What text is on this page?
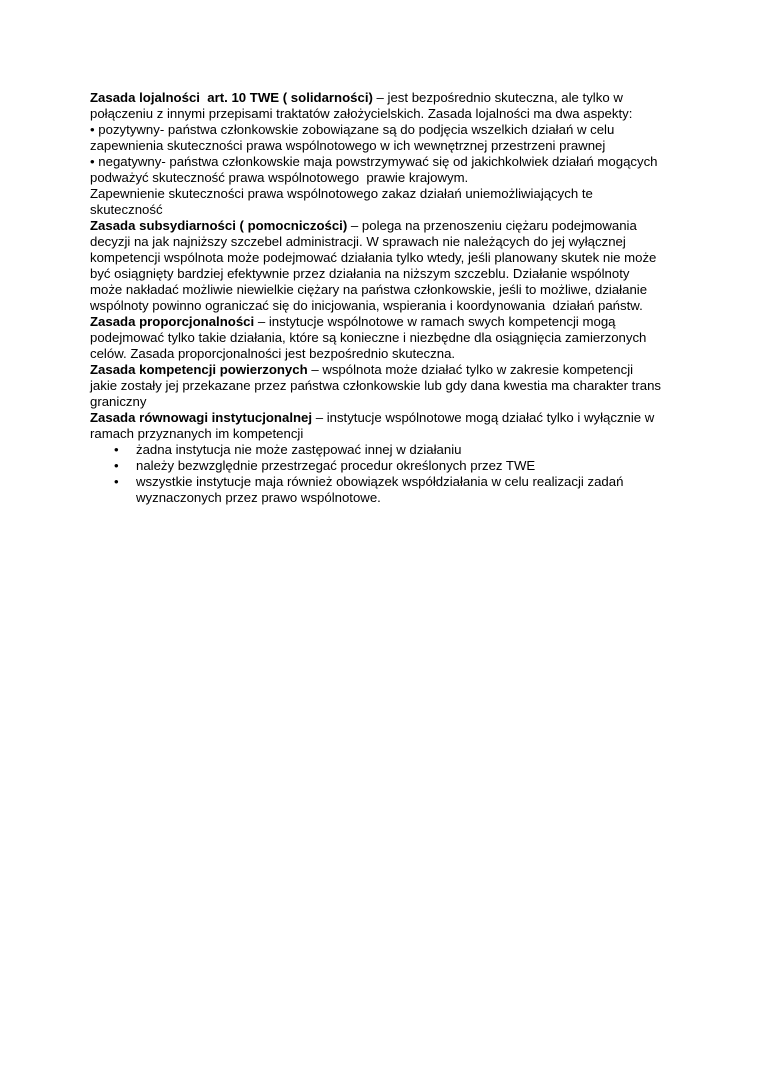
Zasada lojalności  art. 10 TWE ( solidarności) – jest bezpośrednio skuteczna, ale tylko w
połączeniu z innymi przepisami traktatów założycielskich. Zasada lojalności ma dwa aspekty:
• pozytywny- państwa członkowskie zobowiązane są do podjęcia wszelkich działań w celu
zapewnienia skuteczności prawa wspólnotowego w ich wewnętrznej przestrzeni prawnej
• negatywny- państwa członkowskie maja powstrzymywać się od jakichkolwiek działań mogących
podważyć skuteczność prawa wspólnotowego  prawie krajowym.
Zapewnienie skuteczności prawa wspólnotowego zakaz działań uniemożliwiających te
skuteczność
Zasada subsydiarności ( pomocniczości) – polega na przenoszeniu ciężaru podejmowania
decyzji na jak najniższy szczebel administracji. W sprawach nie należących do jej wyłącznej
kompetencji wspólnota może podejmować działania tylko wtedy, jeśli planowany skutek nie może
być osiągnięty bardziej efektywnie przez działania na niższym szczeblu. Działanie wspólnoty
może nakładać możliwie niewielkie ciężary na państwa członkowskie, jeśli to możliwe, działanie
wspólnoty powinno ograniczać się do inicjowania, wspierania i koordynowania  działań państw.
Zasada proporcjonalności – instytucje wspólnotowe w ramach swych kompetencji mogą
podejmować tylko takie działania, które są konieczne i niezbędne dla osiągnięcia zamierzonych
celów. Zasada proporcjonalności jest bezpośrednio skuteczna.
Zasada kompetencji powierzonych – wspólnota może działać tylko w zakresie kompetencji
jakie zostały jej przekazane przez państwa członkowskie lub gdy dana kwestia ma charakter trans
graniczny
Zasada równowagi instytucjonalnej – instytucje wspólnotowe mogą działać tylko i wyłącznie w
ramach przyznanych im kompetencji
• żadna instytucja nie może zastępować innej w działaniu
• należy bezwzględnie przestrzegać procedur określonych przez TWE
• wszystkie instytucje maja również obowiązek współdziałania w celu realizacji zadań
wyznaczonych przez prawo wspólnotowe.
